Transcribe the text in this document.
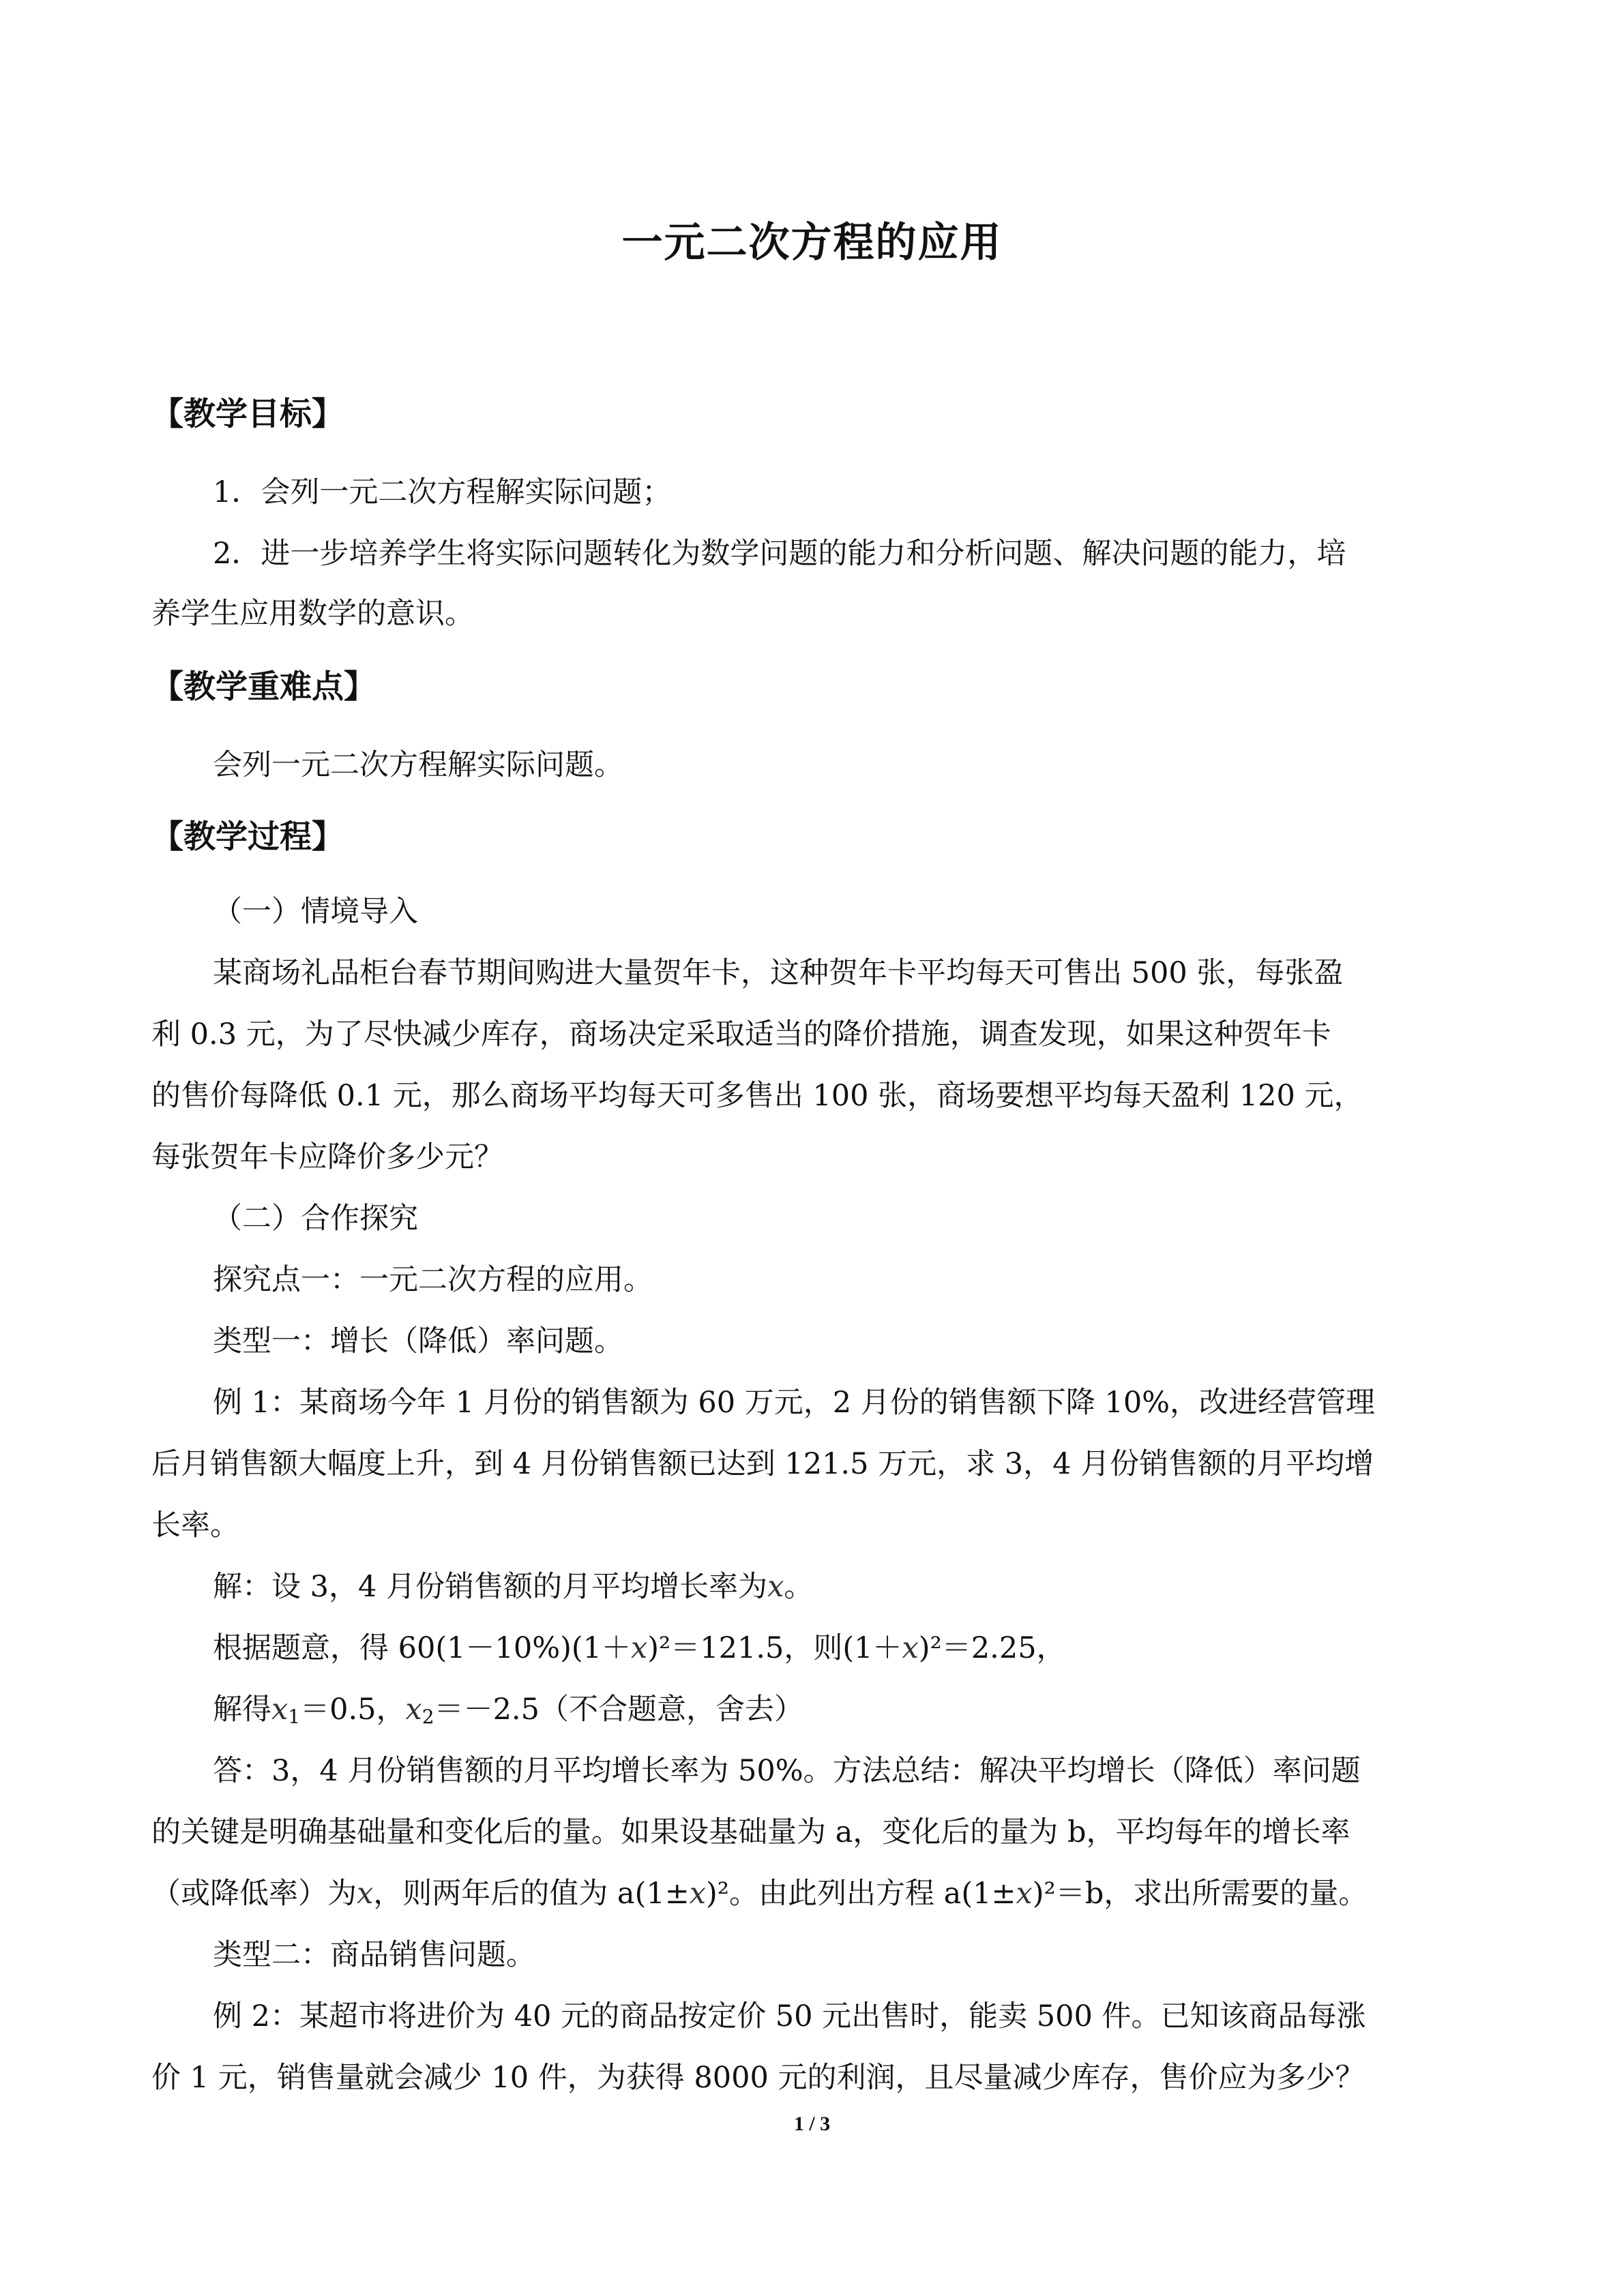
一元二次方程的应用
【教学目标】
1．会列一元二次方程解实际问题；
2．进一步培养学生将实际问题转化为数学问题的能力和分析问题、解决问题的能力，培
养学生应用数学的意识。
【教学重难点】
会列一元二次方程解实际问题。
【教学过程】
（一）情境导入
某商场礼品柜台春节期间购进大量贺年卡，这种贺年卡平均每天可售出 500 张，每张盈
利 0.3 元，为了尽快减少库存，商场决定采取适当的降价措施，调查发现，如果这种贺年卡
的售价每降低 0.1 元，那么商场平均每天可多售出 100 张，商场要想平均每天盈利 120 元，
每张贺年卡应降价多少元？
（二）合作探究
探究点一：一元二次方程的应用。
类型一：增长（降低）率问题。
例 1：某商场今年 1 月份的销售额为 60 万元，2 月份的销售额下降 10%，改进经营管理
后月销售额大幅度上升，到 4 月份销售额已达到 121.5 万元，求 3，4 月份销售额的月平均增
长率。
解：设 3，4 月份销售额的月平均增长率为x。
根据题意，得 60(1－10%)(1＋x)²＝121.5，则(1＋x)²＝2.25，
解得$x_1=0.5$，$x_2=-2.5$（不合题意，舍去）
答：3，4 月份销售额的月平均增长率为 50%。方法总结：解决平均增长（降低）率问题
的关键是明确基础量和变化后的量。如果设基础量为 a，变化后的量为 b，平均每年的增长率
（或降低率）为x，则两年后的值为 a(1±x)²。由此列出方程 a(1±x)²＝b，求出所需要的量。
类型二：商品销售问题。
例 2：某超市将进价为 40 元的商品按定价 50 元出售时，能卖 500 件。已知该商品每涨
价 1 元，销售量就会减少 10 件，为获得 8000 元的利润，且尽量减少库存，售价应为多少？
1 / 3
